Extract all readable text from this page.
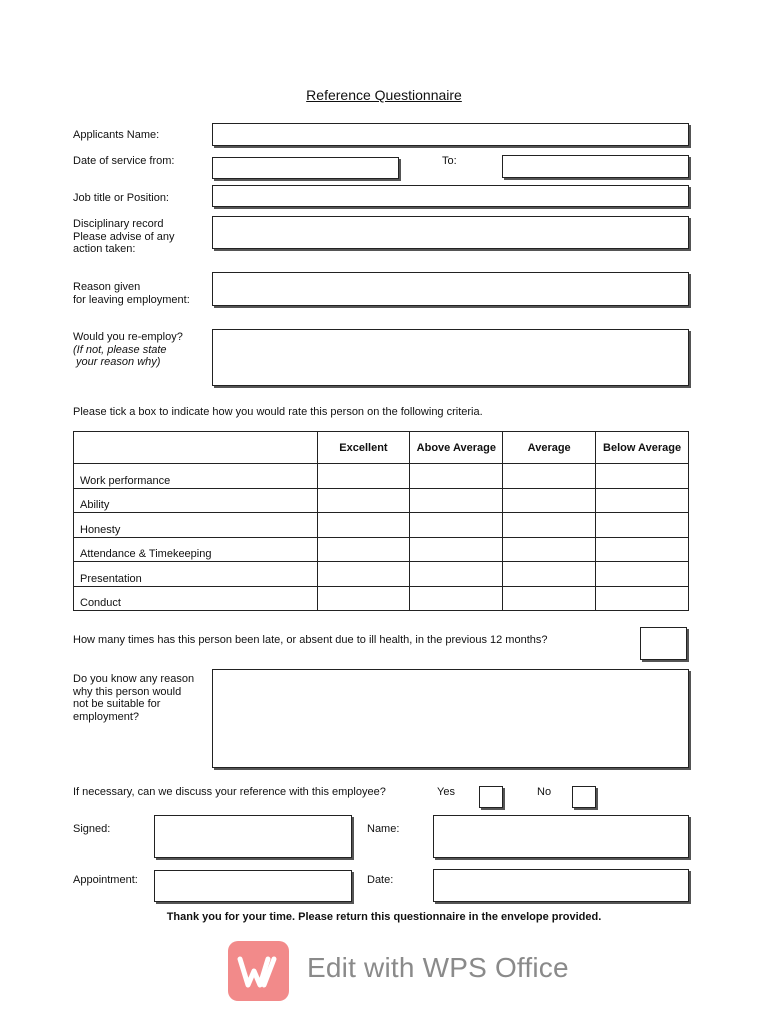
Reference Questionnaire
Applicants Name:
Date of service from:	To:
Job title or Position:
Disciplinary record
Please advise of any
action taken:
Reason given
for leaving employment:
Would you re-employ?
(If not, please state
your reason why)
Please tick a box to indicate how you would rate this person on the following criteria.
	Excellent	Above Average	Average	Below Average
Work performance				
Ability				
Honesty				
Attendance & Timekeeping				
Presentation				
Conduct				
How many times has this person been late, or absent due to ill health, in the previous 12 months?
Do you know any reason
why this person would
not be suitable for
employment?
If necessary, can we discuss your reference with this employee?	Yes	No
Signed:	Name:
Appointment:	Date:
Thank you for your time. Please return this questionnaire in the envelope provided.
Edit with WPS Office
